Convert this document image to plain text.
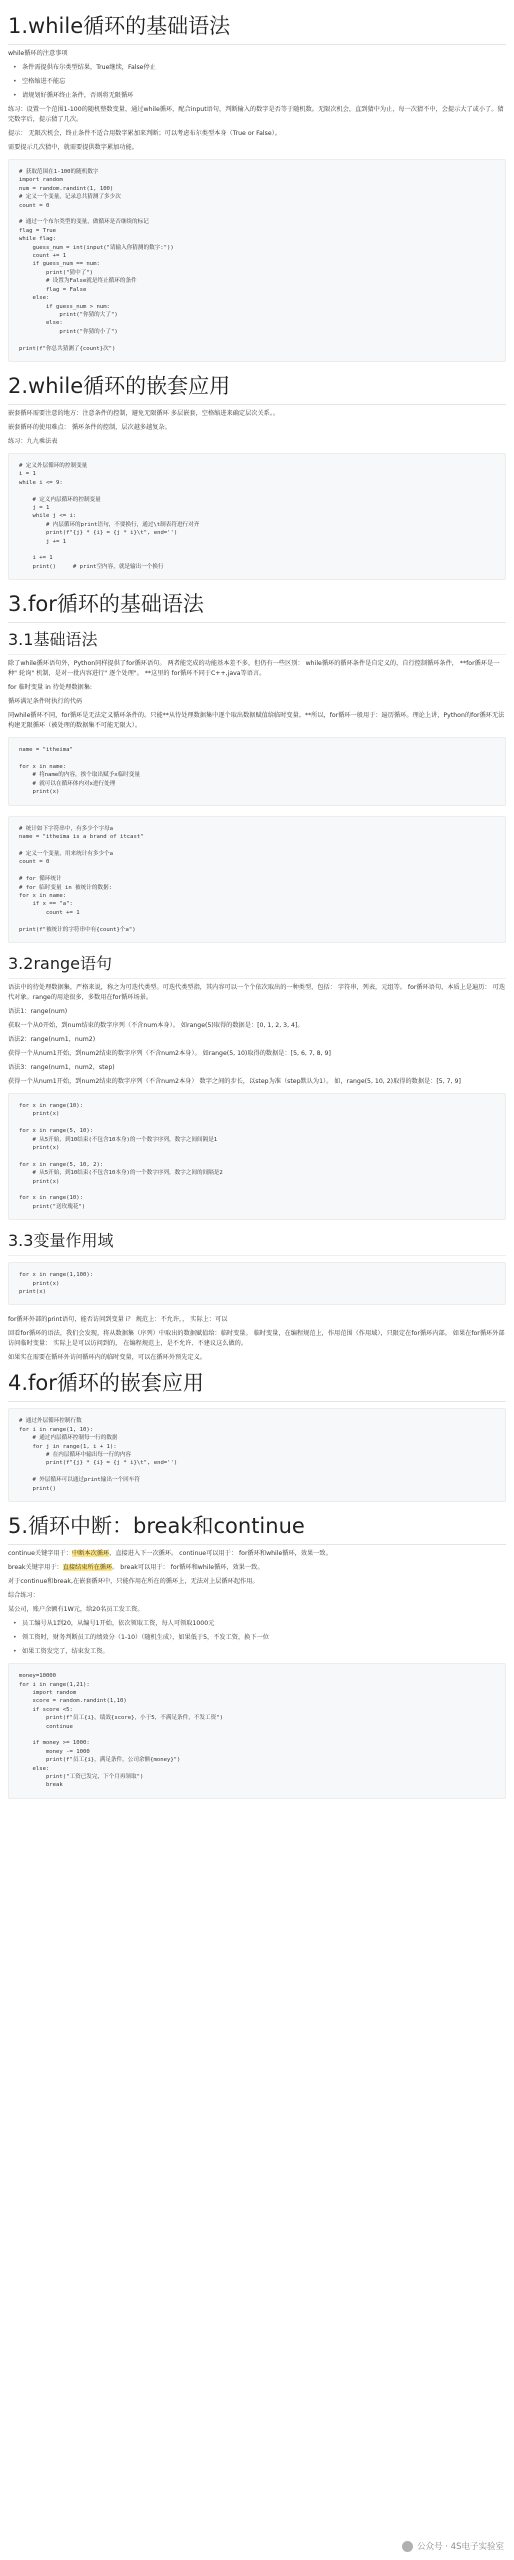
1.while循环的基础语法
while循环的注意事项
• 条件需提供布尔类型结果，True继续，False停止
• 空格缩进不能忘
• 请规划好循环终止条件，否则将无限循环
练习：设置一个范围1-100的随机整数变量，通过while循环，配合input语句，判断输入的数字是否等于随机数。无限次机会，直到猜中为止，每一次猜不中，会提示大了或小了。猜完数字后，提示猜了几次。
提示： 无限次机会，终止条件不适合用数字累加来判断；可以考虑布尔类型本身（True or False）。
需要提示几次猜中，就需要提供数字累加功能。
# 获取范围在1-100的随机数字
import random
num = random.randint(1, 100)
# 定义一个变量，记录总共猜测了多少次
count = 0

# 通过一个布尔类型的变量，做循环是否继续的标记
flag = True
while flag:
guess_num = int(input("请输入你猜测的数字:"))
count += 1
if guess_num == num:
print("猜中了")
# 设置为False就是终止循环的条件
flag = False
else:
if guess_num > num:
print("你猜的大了")
else:
print("你猜的小了")

print(f"你总共猜测了{count}次")
2.while循环的嵌套应用
嵌套循环需要注意的地方：注意条件的控制，避免无限循环 多层嵌套，空格缩进来确定层次关系。。
嵌套循环的使用难点： 循环条件的控制，层次越多越复杂。
练习：九九乘法表
# 定义外层循环的控制变量
i = 1
while i <= 9:

# 定义内层循环的控制变量
j = 1
while j <= i:
# 内层循环的print语句，不要换行，通过\t制表符进行对齐
print(f"{j} * {i} = {j * i}\t", end='')
j += 1

i += 1
print()     # print空内容，就是输出一个换行
3.for循环的基础语法
3.1基础语法
除了while循环语句外，Python同样提供了for循环语句。 两者能完成的功能基本差不多，但仍有一些区别： while循环的循环条件是自定义的，自行控制循环条件， **for循环是一种" 轮询" 机制，是对一批内容进行" 逐个处理"。 **这里的 for循环不同于C++,java等语言。
for 临时变量 in 待处理数据集:
循环满足条件时执行的代码
同while循环不同，for循环是无法定义循环条件的。只能**从待处理数据集中逐个取出数据赋值给临时变量。**所以，for循环一般用于：遍历循环。理论上讲，Python的for循环无法构建无限循环（被处理的数据集不可能无限大）。
name = "itheima"

for x in name:
# 将name的内容，挨个取出赋予x临时变量
# 就可以在循环体内对x进行处理
print(x)
# 统计如下字符串中，有多少个字母a
name = "itheima is a brand of itcast"

# 定义一个变量，用来统计有多少个a
count = 0

# for 循环统计
# for 临时变量 in 被统计的数据:
for x in name:
if x == "a":
count += 1

print(f"被统计的字符串中有{count}个a")
3.2range语句
语法中的待处理数据集，严格来说，称之为可迭代类型。可迭代类型指，其内容可以一个个依次取出的一种类型，包括： 字符串，列表，元组等。 for循环语句，本质上是遍历： 可迭代对象。range的用途很多，多数用在for循环场景。
语法1：range(num)
获取一个从0开始，到num结束的数字序列（不含num本身）。 如range(5)取得的数据是：[0, 1, 2, 3, 4]。
语法2：range(num1，num2)
获得一个从num1开始，到num2结束的数字序列（不含num2本身）。 如range(5, 10)取得的数据是：[5, 6, 7, 8, 9]
语法3：range(num1，num2，step)
获得一个从num1开始，到num2结束的数字序列（不含num2本身） 数字之间的步长，以step为准（step默认为1）。 如，range(5, 10, 2)取得的数据是：[5, 7, 9]
for x in range(10):
print(x)

for x in range(5, 10):
# 从5开始，到10结束(不包含10本身)的一个数字序列，数字之间间隔是1
print(x)

for x in range(5, 10, 2):
# 从5开始，到10结束(不包含10本身)的一个数字序列，数字之间的间隔是2
print(x)

for x in range(10):
print("送玫瑰花")
3.3变量作用域
for x in range(1,100):
print(x)
print(x)
for循环外部的print语句，能否访问到变量 i？ 规范上：不允许，， 实际上：可以
回看for循环的语法，我们会发现，将从数据集（序列）中取出的数据赋值给：临时变量。 临时变量，在编程规范上，作用范围（作用域），只限定在for循环内部。 如果在for循环外部访问临时变量： 实际上是可以访问到的， 在编程规范上，是不允许、不建议这么做的。
如果实在需要在循环外访问循环内的临时变量，可以在循环外预先定义。
4.for循环的嵌套应用
# 通过外层循环控制行数
for i in range(1, 10):
# 通过内层循环控制每一行的数据
for j in range(1, i + 1):
# 在内层循环中输出每一行的内容
print(f"{j} * {i} = {j * i}\t", end='')

# 外层循环可以通过print输出一个回车符
print()
5.循环中断：break和continue
continue关键字用于：中断本次循环，直接进入下一次循环。 continue可以用于： for循环和while循环，效果一致。
break关键字用于：直接结束所在循环。 break可以用于： for循环和while循环，效果一致。
对于continue和break,在嵌套循环中，只能作用在所在的循环上，无法对上层循环起作用。
综合练习：
某公司，账户余额有1W元，给20名员工发工资。
• 员工编号从1到20，从编号1开始，依次领取工资，每人可领取1000元
• 领工资时，财务判断员工的绩效分（1-10）（随机生成），如果低于5，不发工资，换下一位
• 如果工资发完了，结束发工资。
money=10000
for i in range(1,21):
import random
score = random.randint(1,10)
if score <5:
print(f"员工{i}，绩效{score}，小于5，不满足条件，不发工资")
continue

if money >= 1000:
money -= 1000
print(f"员工{i}，满足条件，公司余额{money}")
else:
print("工资已发完，下个月再领取")
break
公众号 · 4S电子实验室
